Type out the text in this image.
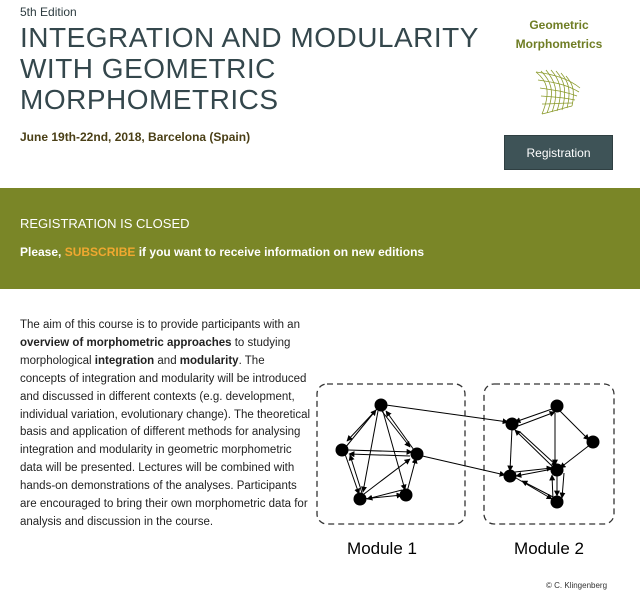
5th Edition
INTEGRATION AND MODULARITY
WITH GEOMETRIC
MORPHOMETRICS
June 19th-22nd, 2018, Barcelona (Spain)
Geometric
Morphometrics
Registration
REGISTRATION IS CLOSED
Please, SUBSCRIBE if you want to receive information on new editions
The aim of this course is to provide participants with an overview of morphometric approaches to studying morphological integration and modularity. The concepts of integration and modularity will be introduced and discussed in different contexts (e.g. development, individual variation, evolutionary change). The theoretical basis and application of different methods for analysing integration and modularity in geometric morphometric data will be presented. Lectures will be combined with hands-on demonstrations of the analyses. Participants are encouraged to bring their own morphometric data for analysis and discussion in the course.
Module 1	Module 2
© C. Klingenberg
